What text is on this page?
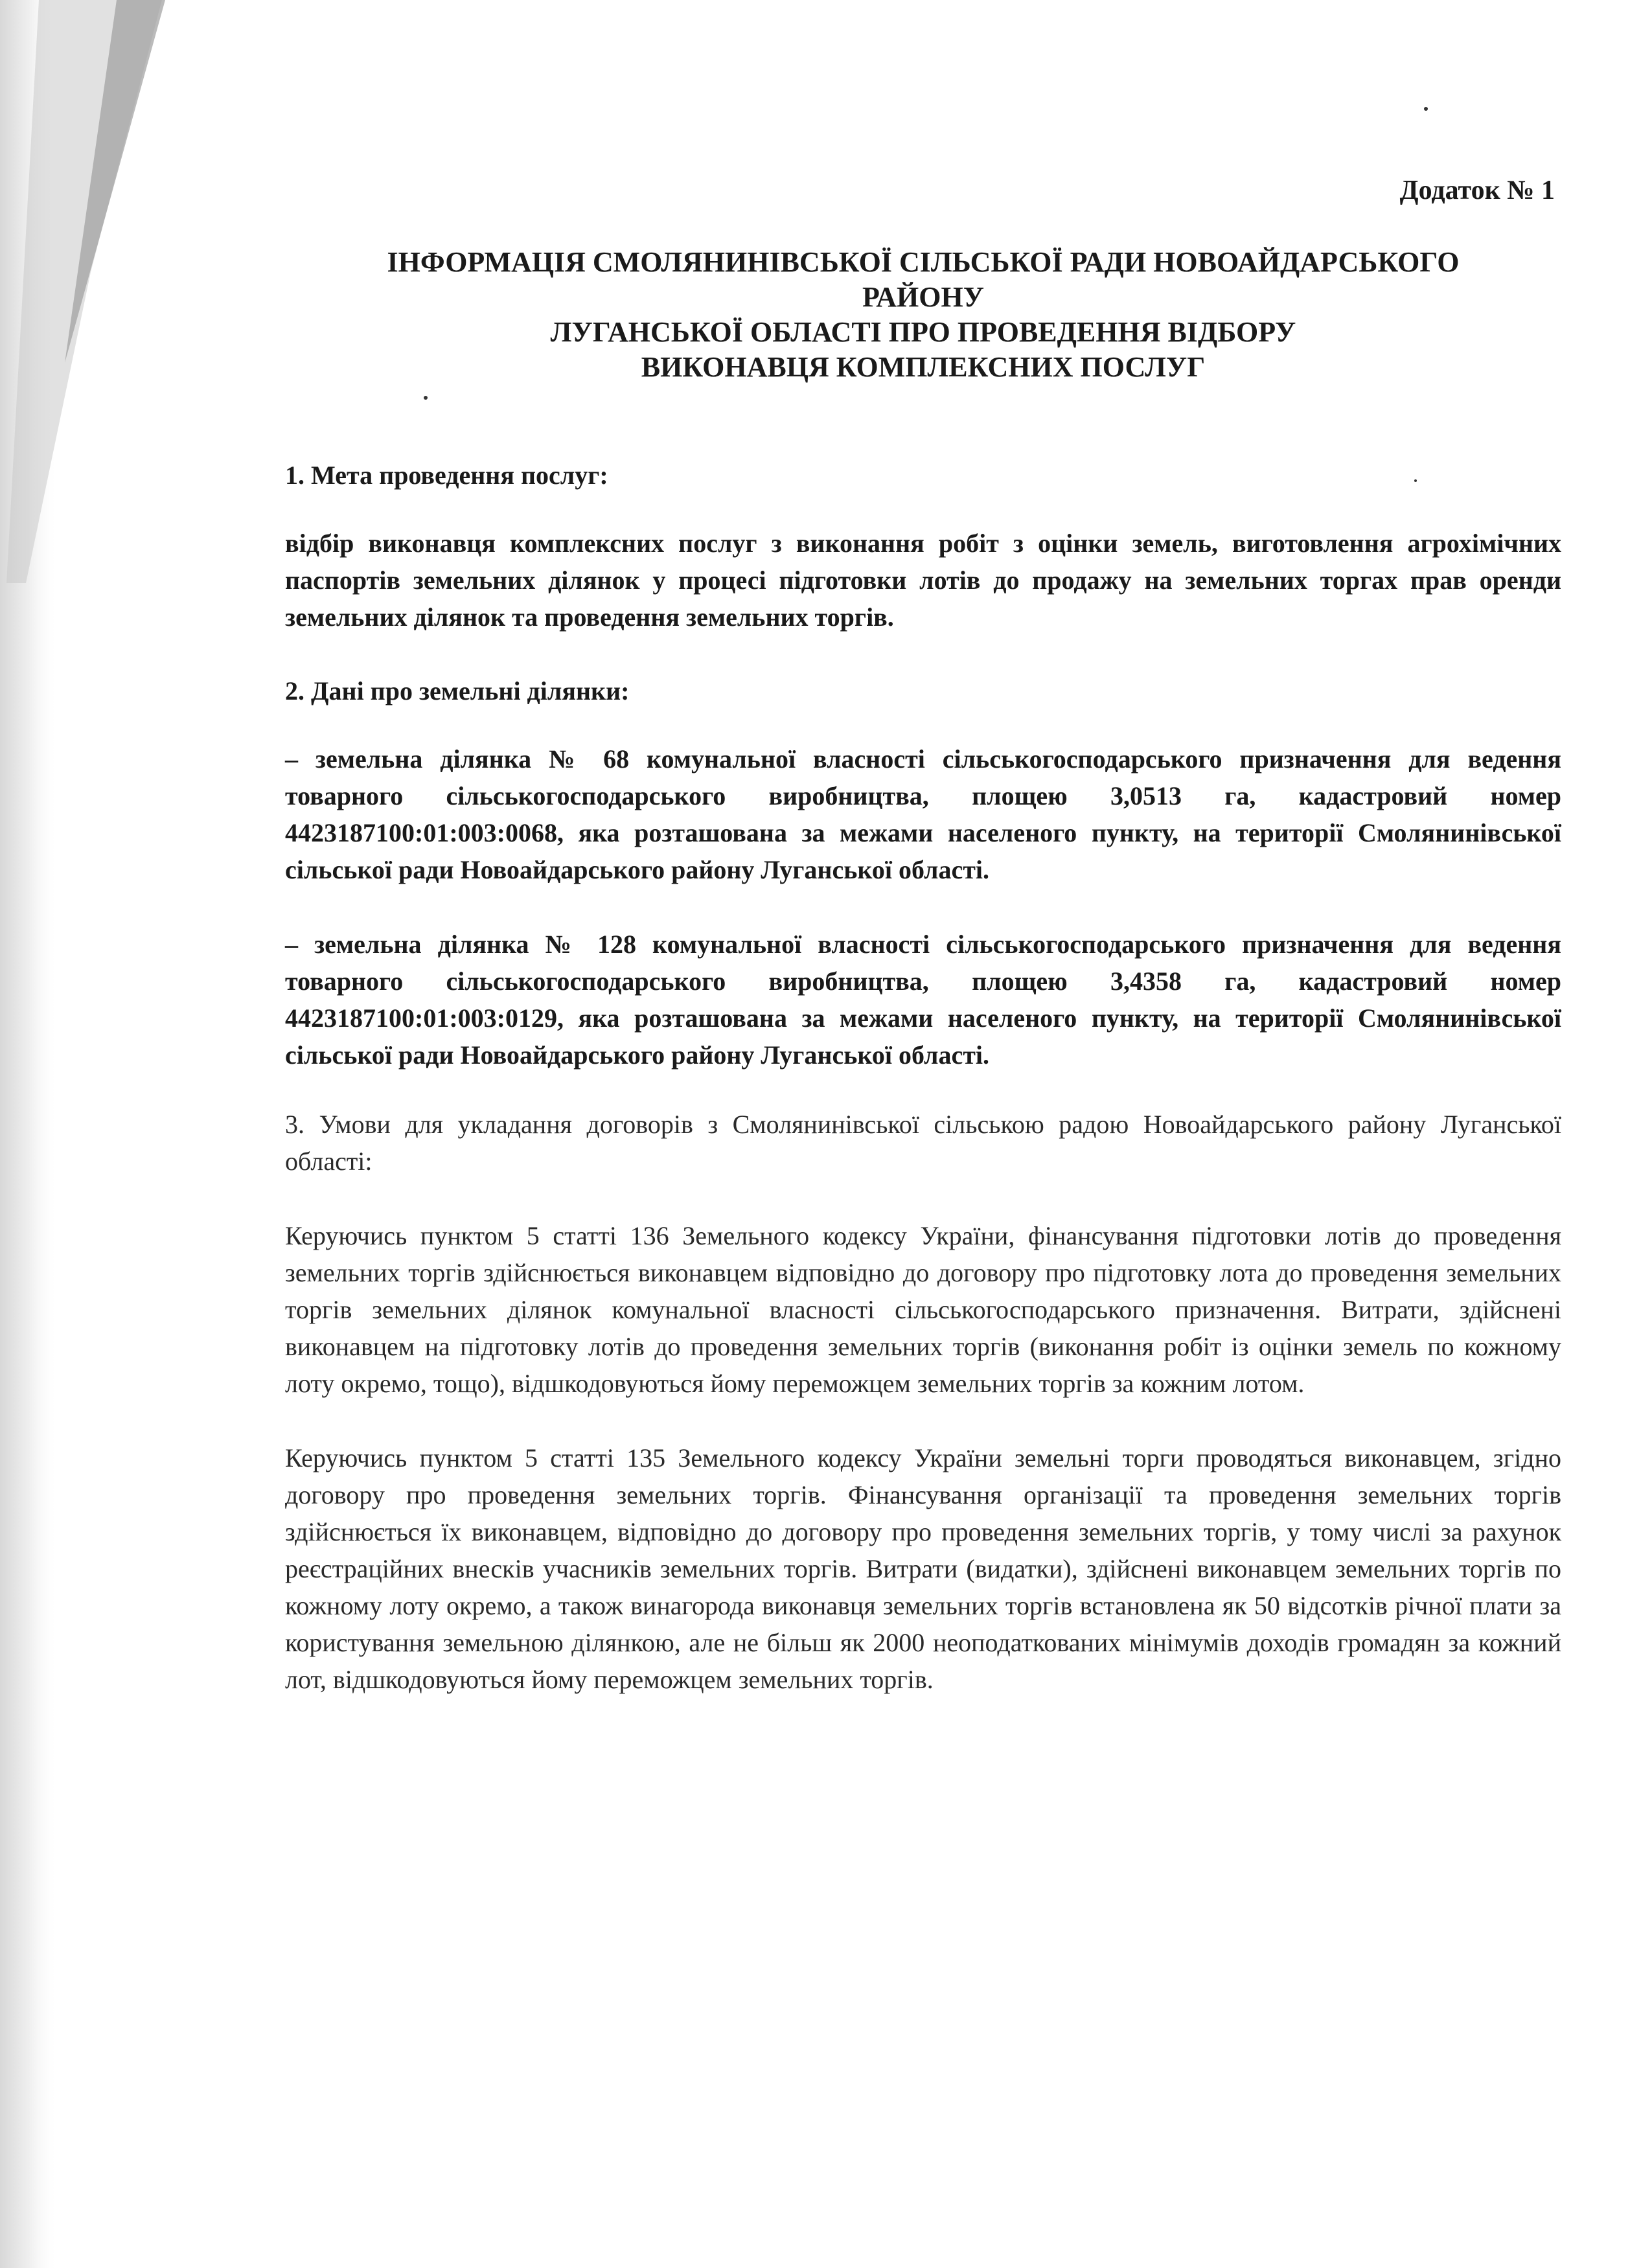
Додаток № 1
ІНФОРМАЦІЯ СМОЛЯНИНІВСЬКОЇ СІЛЬСЬКОЇ РАДИ НОВОАЙДАРСЬКОГО
РАЙОНУ
ЛУГАНСЬКОЇ ОБЛАСТІ ПРО ПРОВЕДЕННЯ ВІДБОРУ
ВИКОНАВЦЯ КОМПЛЕКСНИХ ПОСЛУГ
1. Мета проведення послуг:
відбір виконавця комплексних послуг з виконання робіт з оцінки земель, виготовлення агрохімічних паспортів земельних ділянок у процесі підготовки лотів до продажу на земельних торгах прав оренди земельних ділянок та проведення земельних торгів.
2. Дані про земельні ділянки:
– земельна ділянка № 68 комунальної власності сільськогосподарського призначення для ведення товарного сільськогосподарського виробництва, площею 3,0513 га, кадастровий номер 4423187100:01:003:0068, яка розташована за межами населеного пункту, на території Смолянинівської сільської ради Новоайдарського району Луганської області.
– земельна ділянка № 128 комунальної власності сільськогосподарського призначення для ведення товарного сільськогосподарського виробництва, площею 3,4358 га, кадастровий номер 4423187100:01:003:0129, яка розташована за межами населеного пункту, на території Смолянинівської сільської ради Новоайдарського району Луганської області.
3. Умови для укладання договорів з Смолянинівської сільською радою Новоайдарського району Луганської області:
Керуючись пунктом 5 статті 136 Земельного кодексу України, фінансування підготовки лотів до проведення земельних торгів здійснюється виконавцем відповідно до договору про підготовку лота до проведення земельних торгів земельних ділянок комунальної власності сільськогосподарського призначення. Витрати, здійснені виконавцем на підготовку лотів до проведення земельних торгів (виконання робіт із оцінки земель по кожному лоту окремо, тощо), відшкодовуються йому переможцем земельних торгів за кожним лотом.
Керуючись пунктом 5 статті 135 Земельного кодексу України земельні торги проводяться виконавцем, згідно договору про проведення земельних торгів. Фінансування організації та проведення земельних торгів здійснюється їх виконавцем, відповідно до договору про проведення земельних торгів, у тому числі за рахунок реєстраційних внесків учасників земельних торгів. Витрати (видатки), здійснені виконавцем земельних торгів по кожному лоту окремо, а також винагорода виконавця земельних торгів встановлена як 50 відсотків річної плати за користування земельною ділянкою, але не більш як 2000 неоподаткованих мінімумів доходів громадян за кожний лот, відшкодовуються йому переможцем земельних торгів.
